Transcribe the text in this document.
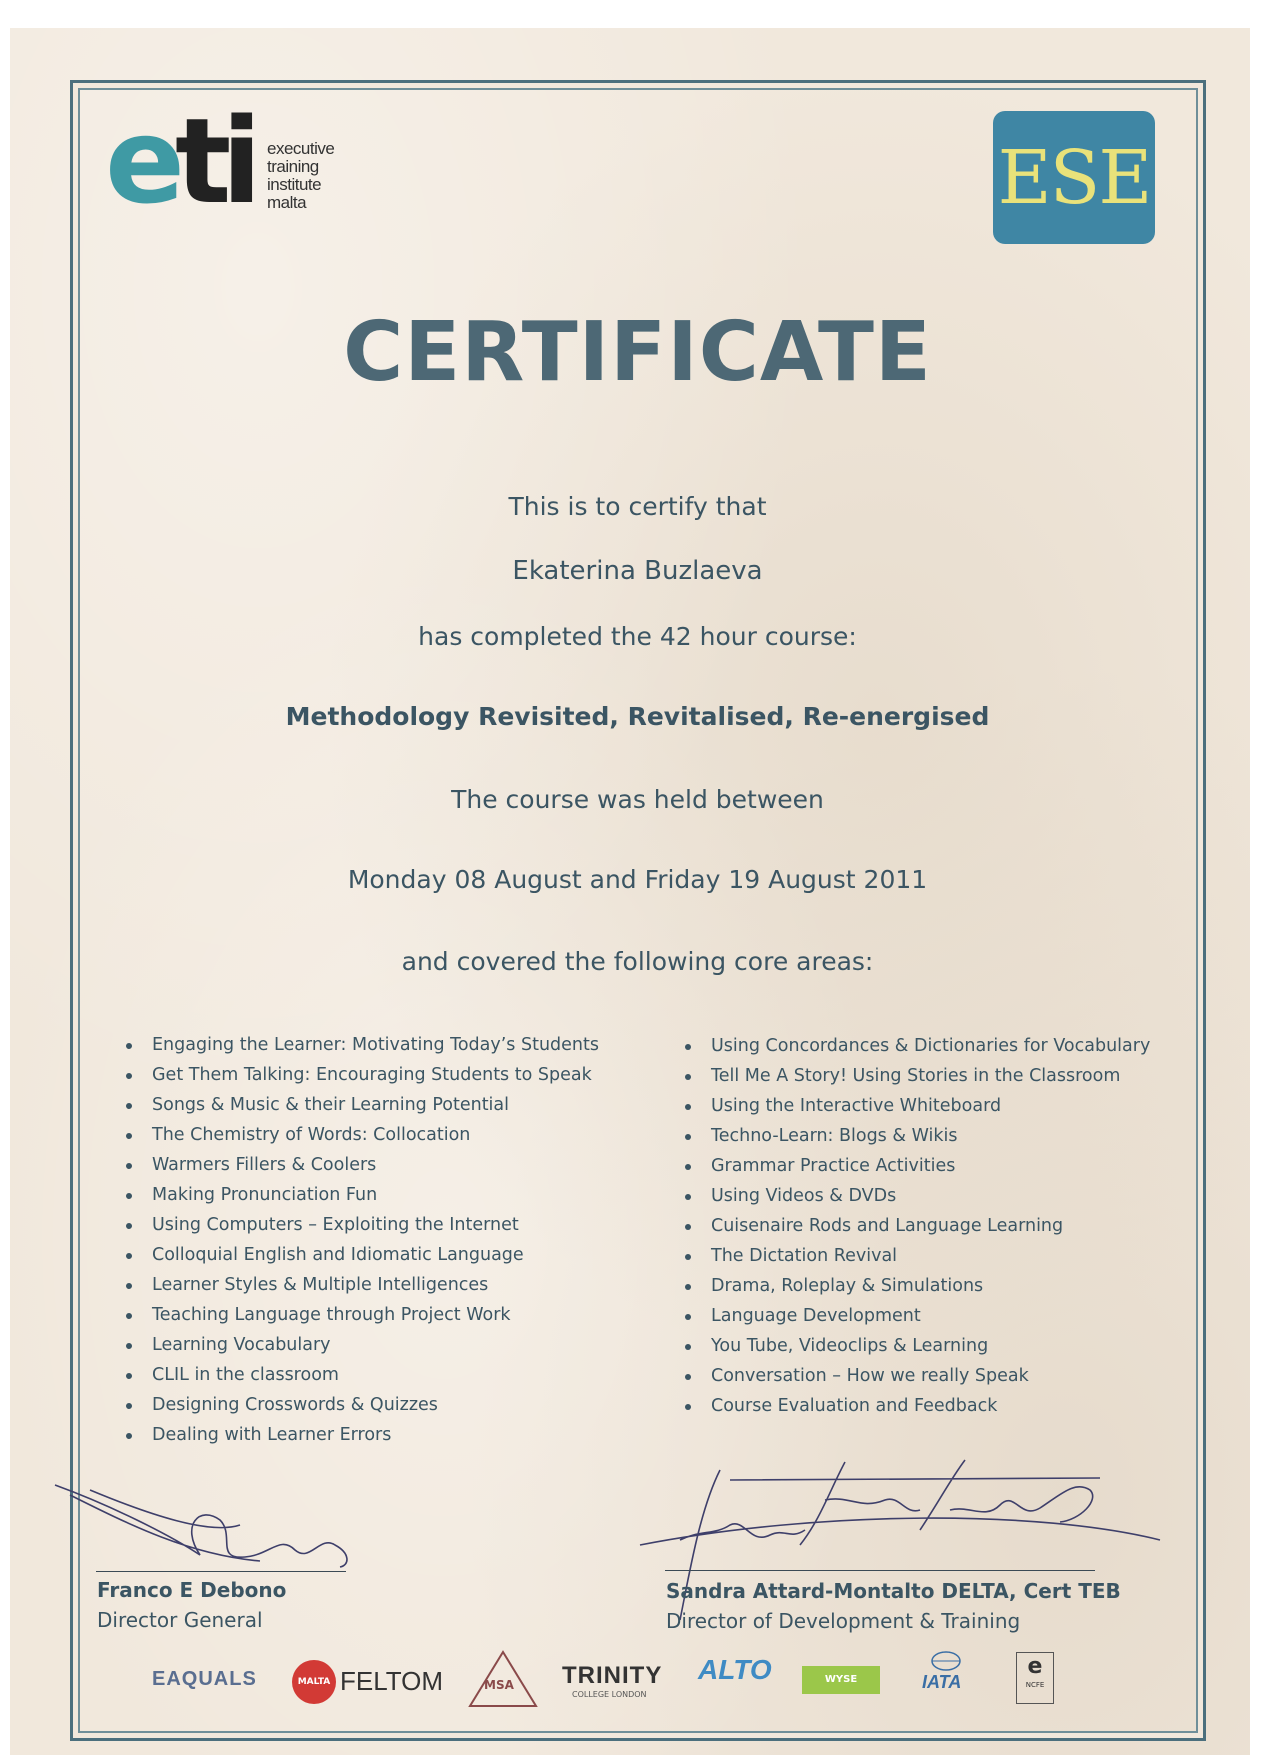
eti executive
training
institute
malta	ESE
CERTIFICATE
This is to certify that
Ekaterina Buzlaeva
has completed the 42 hour course:
Methodology Revisited, Revitalised, Re-energised
The course was held between
Monday 08 August and Friday 19 August 2011
and covered the following core areas:
Engaging the Learner: Motivating Today’s Students
Get Them Talking: Encouraging Students to Speak
Songs & Music & their Learning Potential
The Chemistry of Words: Collocation
Warmers Fillers & Coolers
Making Pronunciation Fun
Using Computers – Exploiting the Internet
Colloquial English and Idiomatic Language
Learner Styles & Multiple Intelligences
Teaching Language through Project Work
Learning Vocabulary
CLIL in the classroom
Designing Crosswords & Quizzes
Dealing with Learner Errors
Using Concordances & Dictionaries for Vocabulary
Tell Me A Story! Using Stories in the Classroom
Using the Interactive Whiteboard
Techno-Learn: Blogs & Wikis
Grammar Practice Activities
Using Videos & DVDs
Cuisenaire Rods and Language Learning
The Dictation Revival
Drama, Roleplay & Simulations
Language Development
You Tube, Videoclips & Learning
Conversation – How we really Speak
Course Evaluation and Feedback
Franco E Debono
Director General
Sandra Attard-Montalto DELTA, Cert TEB
Director of Development & Training
EAQUALS	MALTA FELTOM	MSA TRINITY
COLLEGE LONDON
ALTO	WYSE	IATA
e
NCFE
